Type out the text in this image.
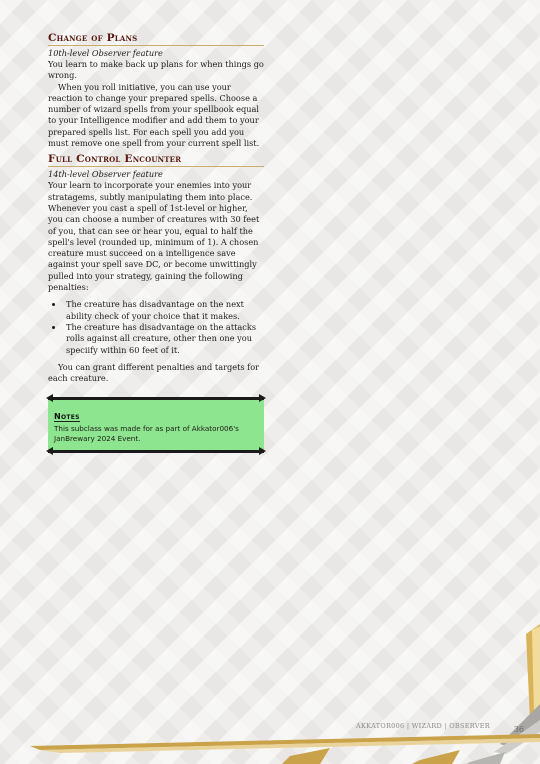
Change of Plans
10th-level Observer feature

You learn to make back up plans for when things go wrong.

When you roll initiative, you can use your reaction to change your prepared spells. Choose a number of wizard spells from your spellbook equal to your Intelligence modifier and add them to your prepared spells list. For each spell you add you must remove one spell from your current spell list.

Full Control Encounter
14th-level Observer feature

Your learn to incorporate your enemies into your stratagems, subtly manipulating them into place. Whenever you cast a spell of 1st-level or higher, you can choose a number of creatures with 30 feet of you, that can see or hear you, equal to half the spell's level (rounded up, minimum of 1). A chosen creature must succeed on a intelligence save against your spell save DC, or become unwittingly pulled into your strategy, gaining the following penalties:

• The creature has disadvantage on the next ability check of your choice that it makes.
• The creature has disadvantage on the attacks rolls against all creature, other then one you speciify within 60 feet of it.

You can grant different penalties and targets for each creature.

Notes
This subclass was made for as part of Akkator006's JanBrewary 2024 Event.
AKKATOR006 | WIZARD | OBSERVER	36
